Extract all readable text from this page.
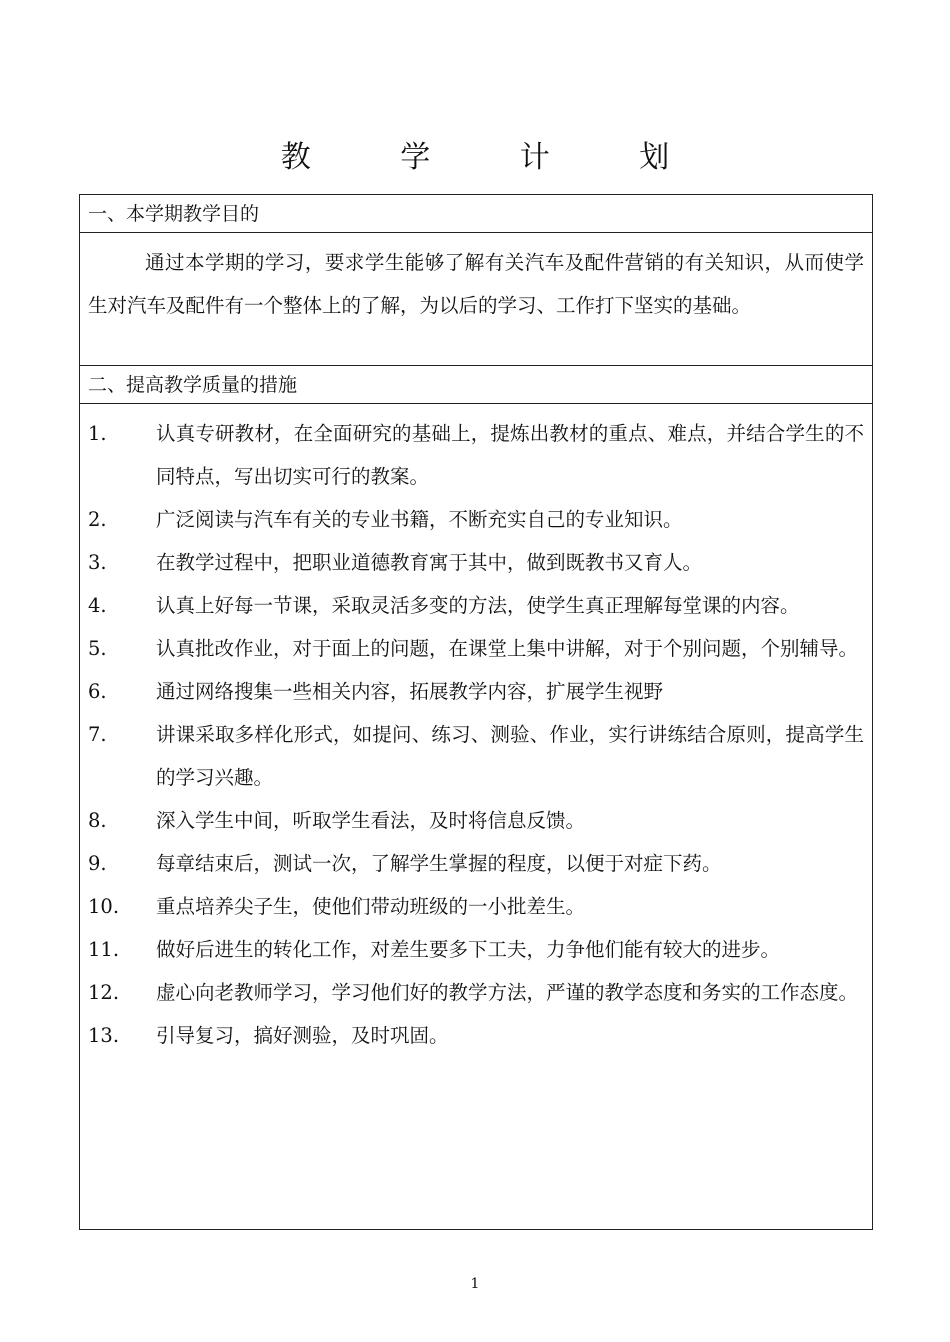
教 学 计 划
一、本学期教学目的
通过本学期的学习，要求学生能够了解有关汽车及配件营销的有关知识，从而使学生对汽车及配件有一个整体上的了解，为以后的学习、工作打下坚实的基础。
二、提高教学质量的措施
1.	认真专研教材，在全面研究的基础上，提炼出教材的重点、难点，并结合学生的不同特点，写出切实可行的教案。
2.	广泛阅读与汽车有关的专业书籍，不断充实自己的专业知识。
3.	在教学过程中，把职业道德教育寓于其中，做到既教书又育人。
4.	认真上好每一节课，采取灵活多变的方法，使学生真正理解每堂课的内容。
5.	认真批改作业，对于面上的问题，在课堂上集中讲解，对于个别问题，个别辅导。
6.	通过网络搜集一些相关内容，拓展教学内容，扩展学生视野
7.	讲课采取多样化形式，如提问、练习、测验、作业，实行讲练结合原则，提高学生的学习兴趣。
8.	深入学生中间，听取学生看法，及时将信息反馈。
9.	每章结束后，测试一次，了解学生掌握的程度，以便于对症下药。
10.	重点培养尖子生，使他们带动班级的一小批差生。
11.	做好后进生的转化工作，对差生要多下工夫，力争他们能有较大的进步。
12.	虚心向老教师学习，学习他们好的教学方法，严谨的教学态度和务实的工作态度。
13.	引导复习，搞好测验，及时巩固。
1
